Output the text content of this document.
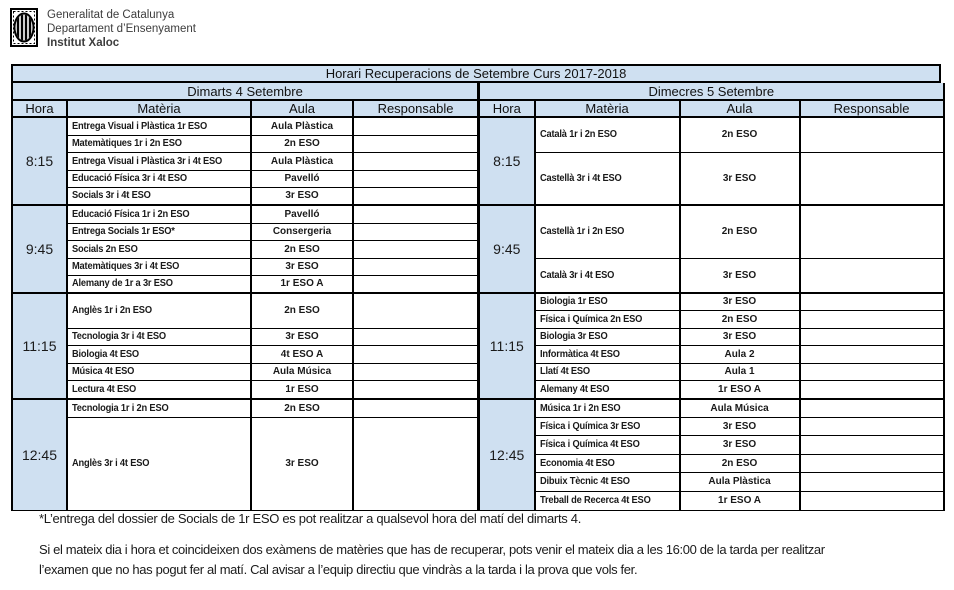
Generalitat de Catalunya
Departament d’Ensenyament
Institut Xaloc
Horari Recuperacions de Setembre Curs 2017-2018
Dimarts 4 Setembre			
Hora	Matèria	Aula	Responsable
8:15	Entrega Visual i Plàstica 1r ESO	Aula Plàstica	
	Matemàtiques 1r i 2n ESO	2n ESO	
	Entrega Visual i Plàstica 3r i 4t ESO	Aula Plàstica	
	Educació Física 3r i 4t ESO	Pavelló	
	Socials 3r i 4t ESO	3r ESO	
9:45	Educació Física 1r i 2n ESO	Pavelló	
	Entrega Socials 1r ESO*	Consergeria	
	Socials 2n ESO	2n ESO	
	Matemàtiques 3r i 4t ESO	3r ESO	
	Alemany de 1r a 3r ESO	1r ESO A	
11:15	Anglès 1r i 2n ESO	2n ESO	
	Tecnologia 3r i 4t ESO	3r ESO	
	Biologia 4t ESO	4t ESO A	
	Música 4t ESO	Aula Música	
	Lectura 4t ESO	1r ESO	
12:45	Tecnologia 1r i 2n ESO	2n ESO	
	Anglès 3r i 4t ESO	3r ESO	
Dimecres 5 Setembre			
Hora	Matèria	Aula	Responsable
8:15	Català 1r i 2n ESO	2n ESO	
	Castellà 3r i 4t ESO	3r ESO	
9:45	Castellà 1r i 2n ESO	2n ESO	
	Català 3r i 4t ESO	3r ESO	
11:15	Biologia 1r ESO	3r ESO	
	Física i Química 2n ESO	2n ESO	
	Biologia 3r ESO	3r ESO	
	Informàtica 4t ESO	Aula 2	
	Llatí 4t ESO	Aula 1	
	Alemany 4t ESO	1r ESO A	
12:45	Música 1r i 2n ESO	Aula Música	
	Física i Química 3r ESO	3r ESO	
	Física i Química 4t ESO	3r ESO	
	Economia 4t ESO	2n ESO	
	Dibuix Tècnic 4t ESO	Aula Plàstica	
	Treball de Recerca 4t ESO	1r ESO A	
*L’entrega del dossier de Socials de 1r ESO es pot realitzar a qualsevol hora del matí del dimarts 4.
Si el mateix dia i hora et coincideixen dos exàmens de matèries que has de recuperar, pots venir el mateix dia a les 16:00 de la tarda per realitzar
l’examen que no has pogut fer al matí. Cal avisar a l’equip directiu que vindràs a la tarda i la prova que vols fer.
